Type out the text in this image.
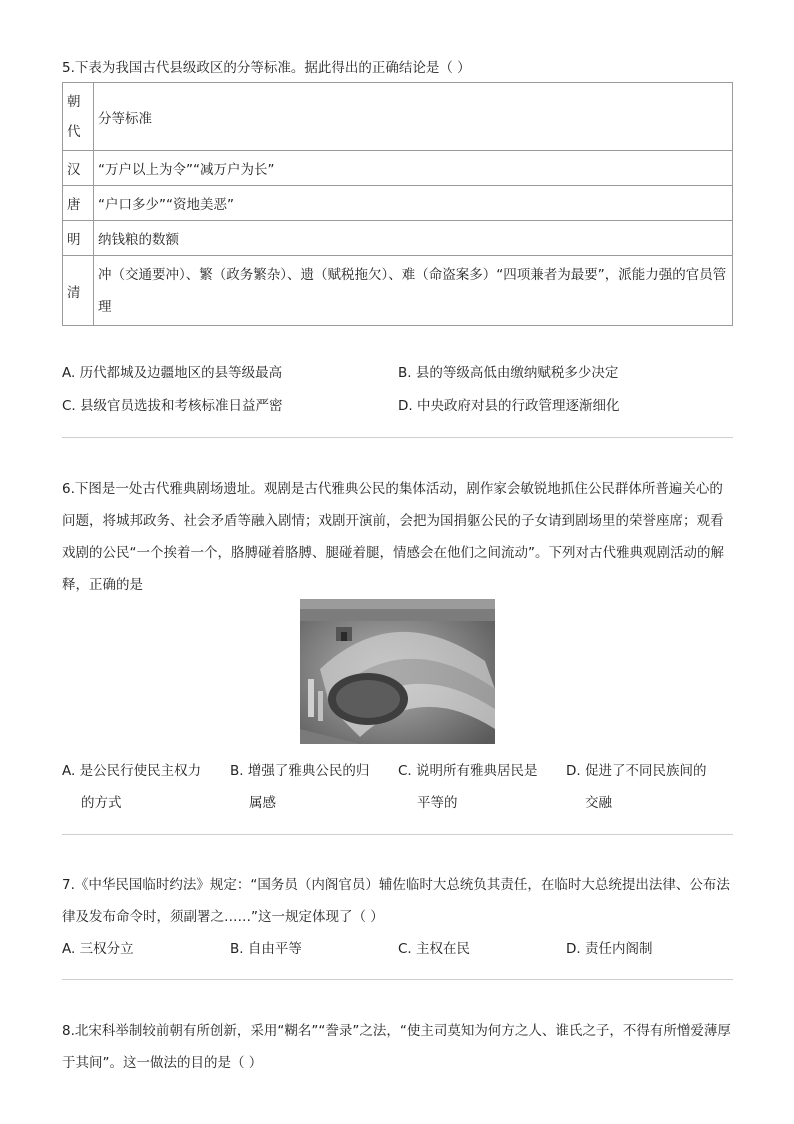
5.下表为我国古代县级政区的分等标准。据此得出的正确结论是（ ）

朝代	分等标准
汉	“万户以上为令”“减万户为长”
唐	“户口多少”“资地美恶”
明	纳钱粮的数额
清	冲（交通要冲）、繁（政务繁杂）、遗（赋税拖欠）、难（命盗案多）“四项兼者为最要”，派能力强的官员管理
A. 历代都城及边疆地区的县等级最高	B. 县的等级高低由缴纳赋税多少决定
C. 县级官员选拔和考核标准日益严密	D. 中央政府对县的行政管理逐渐细化

6.下图是一处古代雅典剧场遗址。观剧是古代雅典公民的集体活动，剧作家会敏锐地抓住公民群体所普遍关心的问题，将城邦政务、社会矛盾等融入剧情；戏剧开演前，会把为国捐躯公民的子女请到剧场里的荣誉座席；观看戏剧的公民“一个挨着一个，胳膊碰着胳膊、腿碰着腿，情感会在他们之间流动”。下列对古代雅典观剧活动的解释，正确的是

A. 是公民行使民主权力
的方式
B. 增强了雅典公民的归
属感
C. 说明所有雅典居民是
平等的
D. 促进了不同民族间的
交融

7.《中华民国临时约法》规定：“国务员（内阁官员）辅佐临时大总统负其责任，在临时大总统提出法律、公布法律及发布命令时，须副署之……”这一规定体现了（ ）

A. 三权分立	B. 自由平等	C. 主权在民	D. 责任内阁制

8.北宋科举制较前朝有所创新，采用“糊名”“誊录”之法，“使主司莫知为何方之人、谁氏之子，不得有所憎爱薄厚于其间”。这一做法的目的是（ ）
